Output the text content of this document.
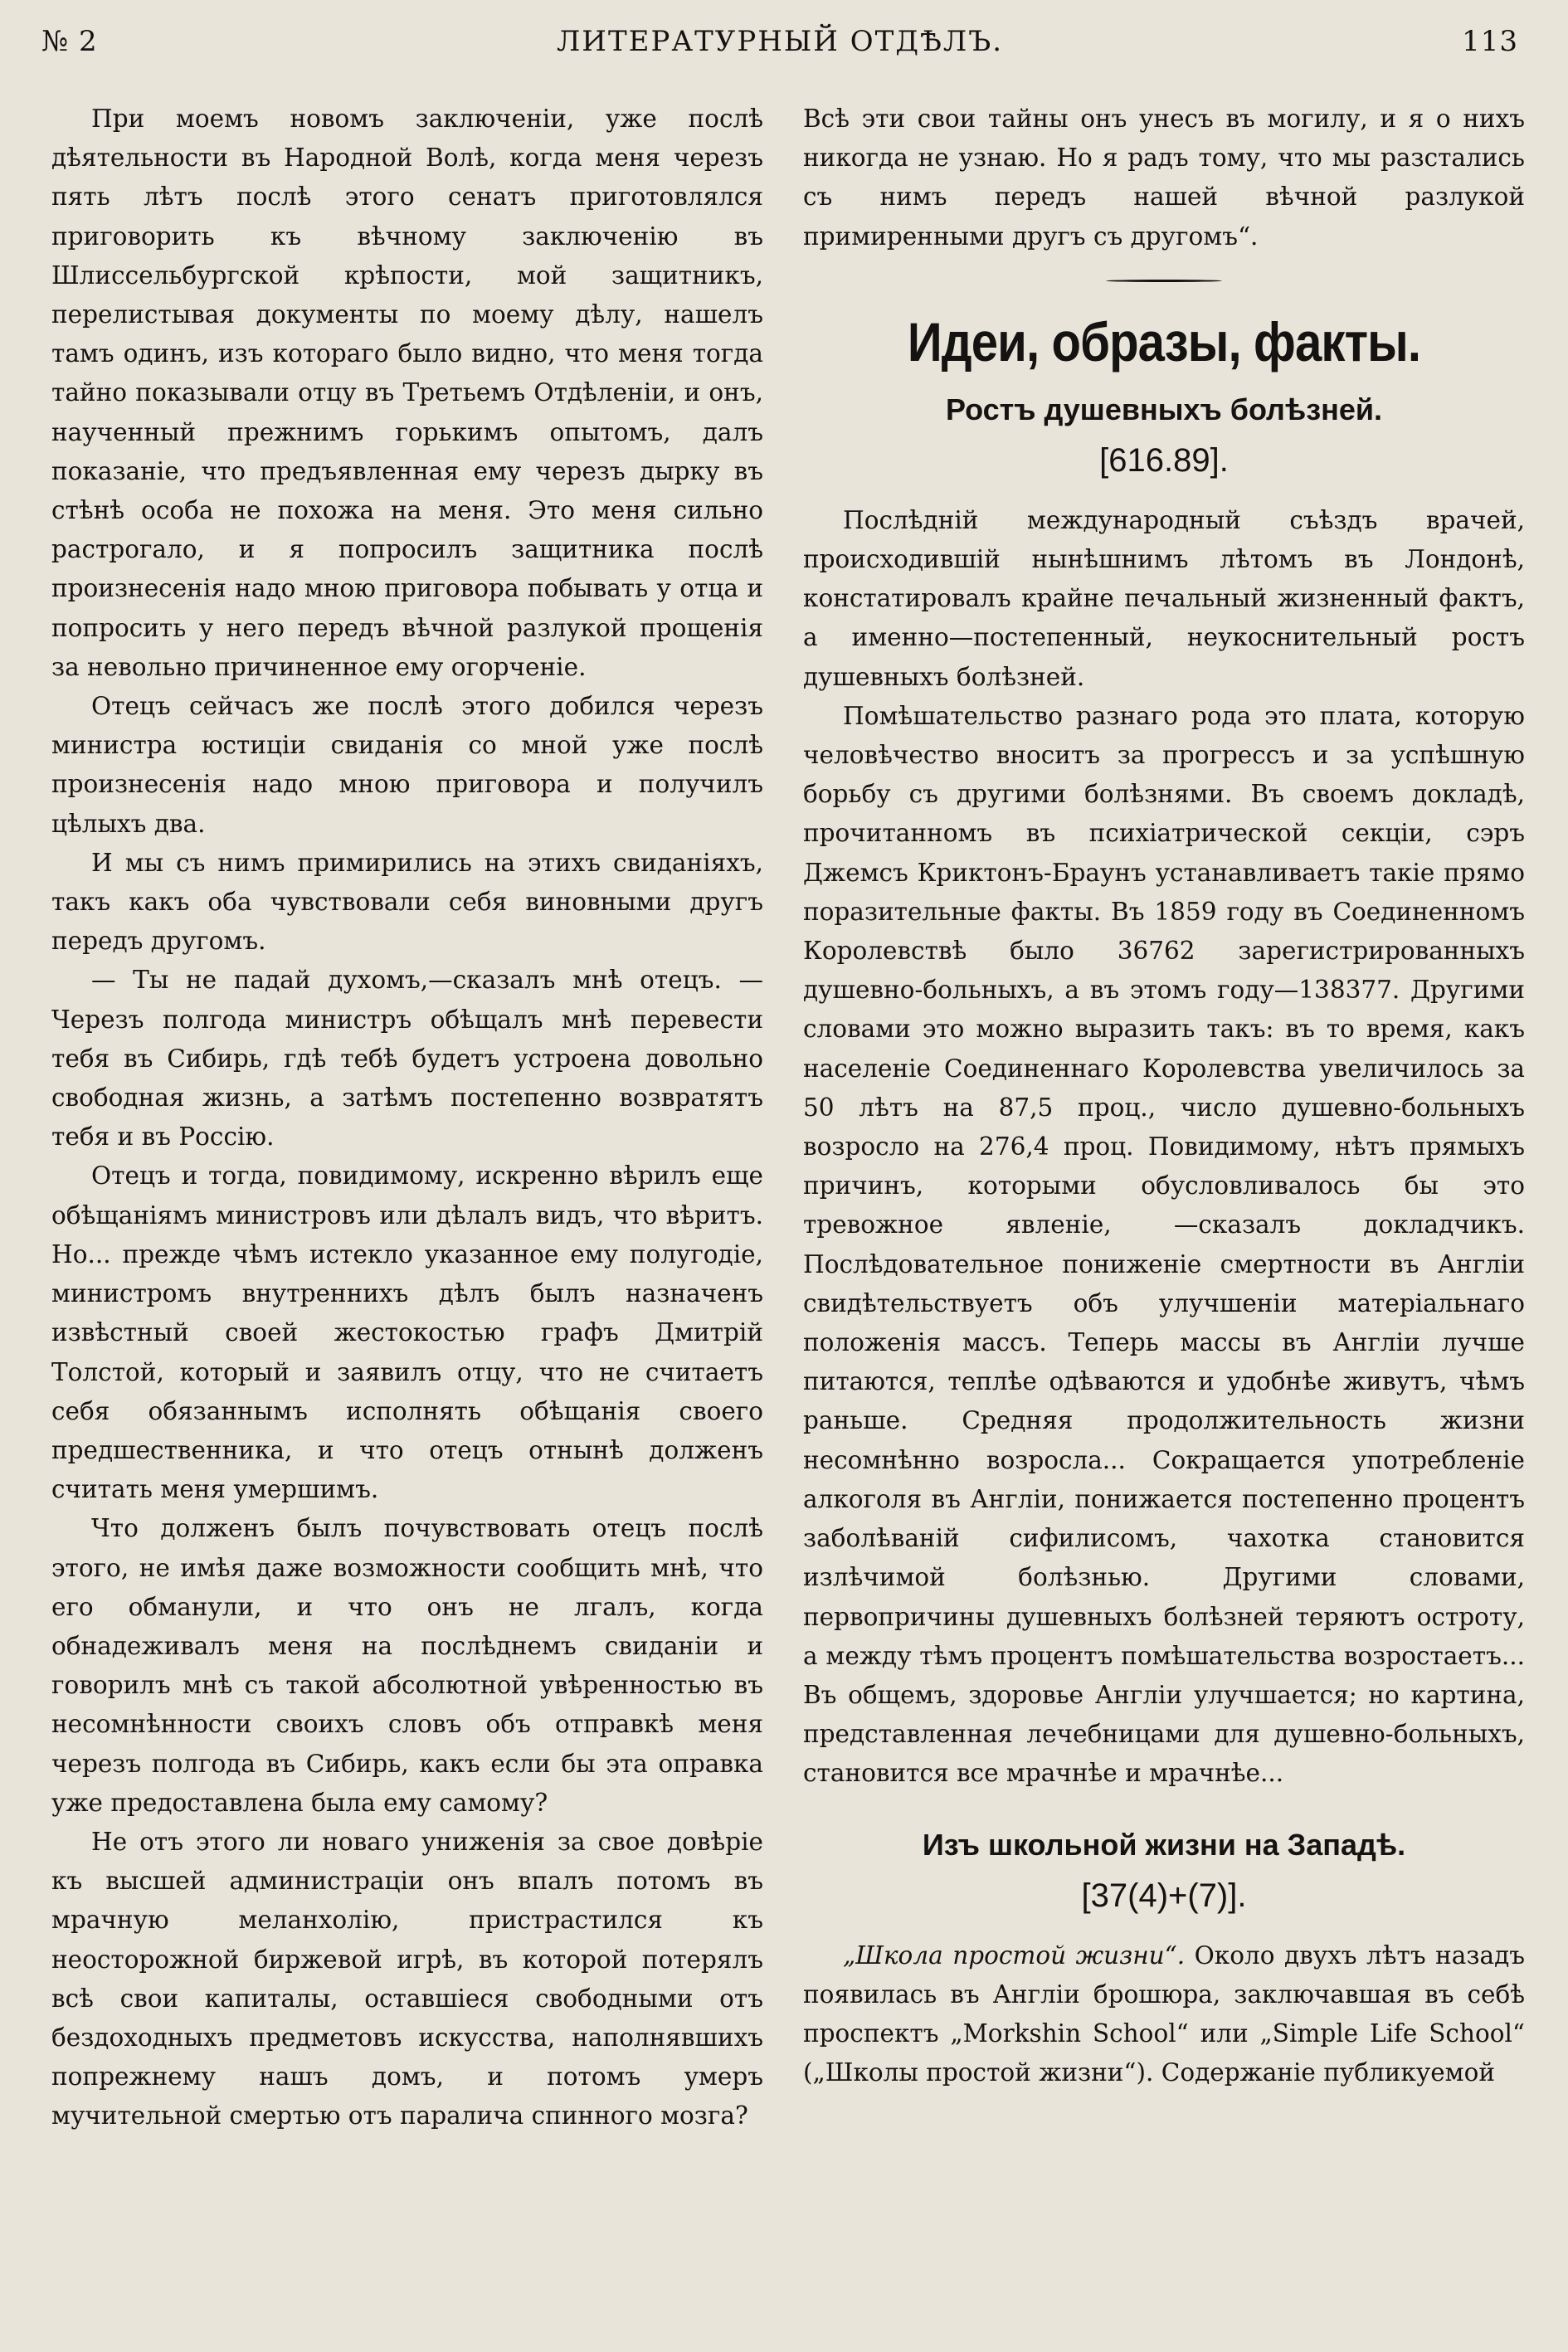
№ 2	ЛИТЕРАТУРНЫЙ ОТДѢЛЪ.	113

При моемъ новомъ заключеніи, уже послѣ дѣятельности въ Народной Волѣ, когда меня черезъ пять лѣтъ послѣ этого сенатъ приготовлялся приговорить къ вѣчному заключенію въ Шлиссельбургской крѣпости, мой защитникъ, перелистывая документы по моему дѣлу, нашелъ тамъ одинъ, изъ котораго было видно, что меня тогда тайно показывали отцу въ Третьемъ Отдѣленіи, и онъ, наученный прежнимъ горькимъ опытомъ, далъ показаніе, что предъявленная ему черезъ дырку въ стѣнѣ особа не похожа на меня. Это меня сильно растрогало, и я попросилъ защитника послѣ произнесенія надо мною приговора побывать у отца и попросить у него передъ вѣчной разлукой прощенія за невольно причиненное ему огорченіе.

Отецъ сейчасъ же послѣ этого добился черезъ министра юстиціи свиданія со мной уже послѣ произнесенія надо мною приговора и получилъ цѣлыхъ два.

И мы съ нимъ примирились на этихъ свиданіяхъ, такъ какъ оба чувствовали себя виновными другъ передъ другомъ.

— Ты не падай духомъ,—сказалъ мнѣ отецъ. — Черезъ полгода министръ обѣщалъ мнѣ перевести тебя въ Сибирь, гдѣ тебѣ будетъ устроена довольно свободная жизнь, а затѣмъ постепенно возвратятъ тебя и въ Россію.

Отецъ и тогда, повидимому, искренно вѣрилъ еще обѣщаніямъ министровъ или дѣлалъ видъ, что вѣритъ. Но... прежде чѣмъ истекло указанное ему полугодіе, министромъ внутреннихъ дѣлъ былъ назначенъ извѣстный своей жестокостью графъ Дмитрій Толстой, который и заявилъ отцу, что не считаетъ себя обязаннымъ исполнять обѣщанія своего предшественника, и что отецъ отнынѣ долженъ считать меня умершимъ.

Что долженъ былъ почувствовать отецъ послѣ этого, не имѣя даже возможности сообщить мнѣ, что его обманули, и что онъ не лгалъ, когда обнадеживалъ меня на послѣднемъ свиданіи и говорилъ мнѣ съ такой абсолютной увѣренностью въ несомнѣнности своихъ словъ объ отправкѣ меня черезъ полгода въ Сибирь, какъ если бы эта оправка уже предоставлена была ему самому?

Не отъ этого ли новаго униженія за свое довѣріе къ высшей администраціи онъ впалъ потомъ въ мрачную меланхолію, пристрастился къ неосторожной биржевой игрѣ, въ которой потерялъ всѣ свои капиталы, оставшіеся свободными отъ бездоходныхъ предметовъ искусства, наполнявшихъ попрежнему нашъ домъ, и потомъ умеръ мучительной смертью отъ паралича спинного мозга?

Всѣ эти свои тайны онъ унесъ въ могилу, и я о нихъ никогда не узнаю. Но я радъ тому, что мы разстались съ нимъ передъ нашей вѣчной разлукой примиренными другъ съ другомъ“.

Идеи, образы, факты.
Ростъ душевныхъ болѣзней.
[616.89].

Послѣдній международный съѣздъ врачей, происходившій нынѣшнимъ лѣтомъ въ Лондонѣ, констатировалъ крайне печальный жизненный фактъ, а именно—постепенный, неукоснительный ростъ душевныхъ болѣзней.

Помѣшательство разнаго рода это плата, которую человѣчество вноситъ за прогрессъ и за успѣшную борьбу съ другими болѣзнями. Въ своемъ докладѣ, прочитанномъ въ психіатрической секціи, сэръ Джемсъ Криктонъ-Браунъ устанавливаетъ такіе прямо поразительные факты. Въ 1859 году въ Соединенномъ Королевствѣ было 36762 зарегистрированныхъ душевно-больныхъ, а въ этомъ году—138377. Другими словами это можно выразить такъ: въ то время, какъ населеніе Соединеннаго Королевства увеличилось за 50 лѣтъ на 87,5 проц., число душевно-больныхъ возросло на 276,4 проц. Повидимому, нѣтъ прямыхъ причинъ, которыми обусловливалось бы это тревожное явленіе, —сказалъ докладчикъ. Послѣдовательное пониженіе смертности въ Англіи свидѣтельствуетъ объ улучшеніи матеріальнаго положенія массъ. Теперь массы въ Англіи лучше питаются, теплѣе одѣваются и удобнѣе живутъ, чѣмъ раньше. Средняя продолжительность жизни несомнѣнно возросла... Сокращается употребленіе алкоголя въ Англіи, понижается постепенно процентъ заболѣваній сифилисомъ, чахотка становится излѣчимой болѣзнью. Другими словами, первопричины душевныхъ болѣзней теряютъ остроту, а между тѣмъ процентъ помѣшательства возростаетъ... Въ общемъ, здоровье Англіи улучшается; но картина, представленная лечебницами для душевно-больныхъ, становится все мрачнѣе и мрачнѣе...

Изъ школьной жизни на Западѣ.
[37(4)+(7)].

„Школа простой жизни“. Около двухъ лѣтъ назадъ появилась въ Англіи брошюра, заключавшая въ себѣ проспектъ „Morkshin School“ или „Simple Life School“ („Школы простой жизни“). Содержаніе публикуемой
